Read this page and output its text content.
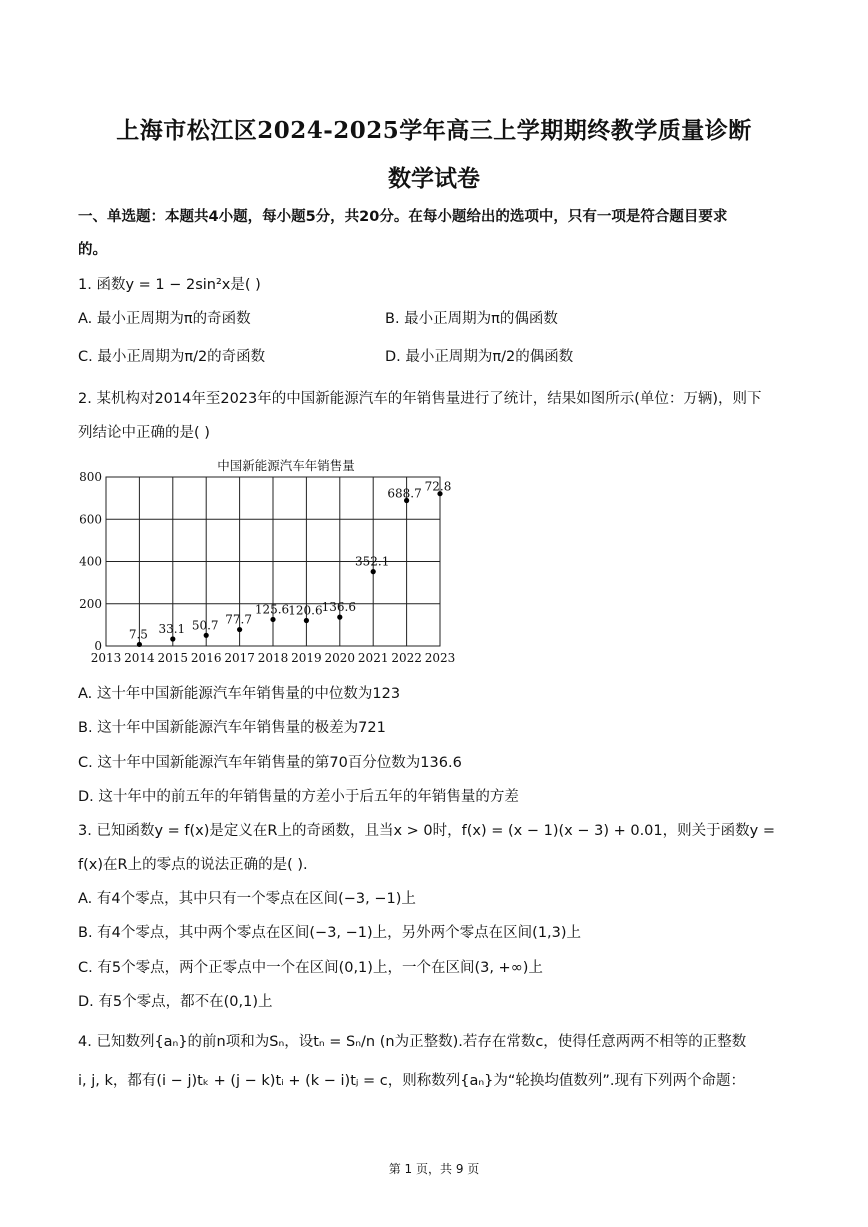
上海市松江区2024-2025学年高三上学期期终教学质量诊断
数学试卷
一、单选题：本题共4小题，每小题5分，共20分。在每小题给出的选项中，只有一项是符合题目要求
的。
1. 函数y = 1 − 2sin²x是( )
A. 最小正周期为π的奇函数	B. 最小正周期为π的偶函数
C. 最小正周期为π/2的奇函数	D. 最小正周期为π/2的偶函数
2. 某机构对2014年至2023年的中国新能源汽车的年销售量进行了统计，结果如图所示(单位：万辆)，则下
列结论中正确的是( )
中国新能源汽车年销售量
2013 2014 2015 2016 2017 2018 2019 2020 2021 2022 2023
0
200
400
600
800
7.5 33.1 50.7 77.7
125.6 120.6 136.6
352.1
688.7 72.8
A. 这十年中国新能源汽车年销售量的中位数为123
B. 这十年中国新能源汽车年销售量的极差为721
C. 这十年中国新能源汽车年销售量的第70百分位数为136.6
D. 这十年中的前五年的年销售量的方差小于后五年的年销售量的方差
3. 已知函数y = f(x)是定义在R上的奇函数，且当x > 0时，f(x) = (x − 1)(x − 3) + 0.01，则关于函数y =
f(x)在R上的零点的说法正确的是( ).
A. 有4个零点，其中只有一个零点在区间(−3, −1)上
B. 有4个零点，其中两个零点在区间(−3, −1)上，另外两个零点在区间(1,3)上
C. 有5个零点，两个正零点中一个在区间(0,1)上，一个在区间(3, +∞)上
D. 有5个零点，都不在(0,1)上
4. 已知数列{aₙ}的前n项和为Sₙ，设tₙ = Sₙ/n (n为正整数).若存在常数c，使得任意两两不相等的正整数
i, j, k，都有(i − j)tₖ + (j − k)tᵢ + (k − i)tⱼ = c，则称数列{aₙ}为“轮换均值数列”.现有下列两个命题：
第 1 页，共 9 页
